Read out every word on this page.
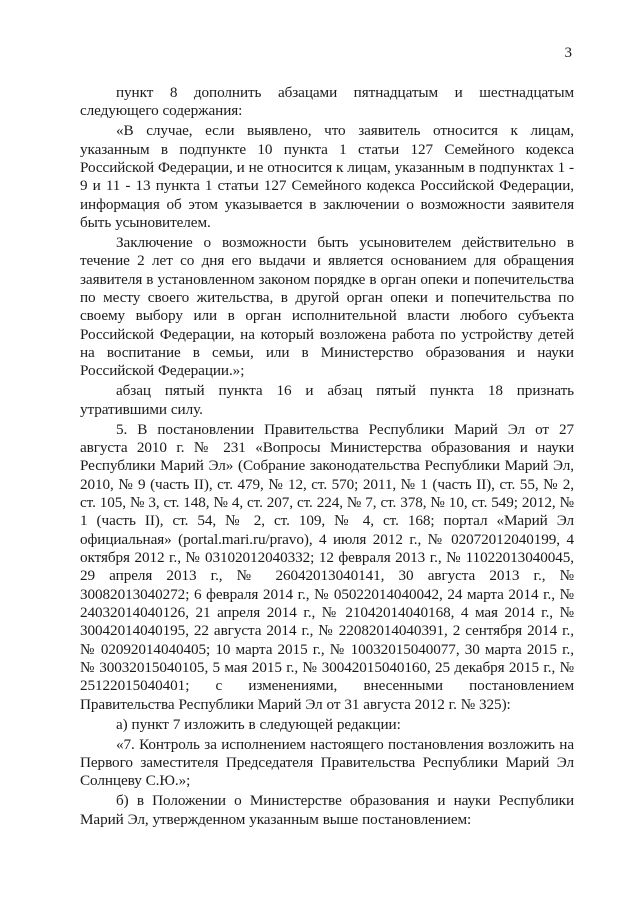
3

пункт 8 дополнить абзацами пятнадцатым и шестнадцатым следующего содержания:

«В случае, если выявлено, что заявитель относится к лицам, указанным в подпункте 10 пункта 1 статьи 127 Семейного кодекса Российской Федерации, и не относится к лицам, указанным в подпунктах 1 - 9 и 11 - 13 пункта 1 статьи 127 Семейного кодекса Российской Федерации, информация об этом указывается в заключении о возможности заявителя быть усыновителем.

Заключение о возможности быть усыновителем действительно в течение 2 лет со дня его выдачи и является основанием для обращения заявителя в установленном законом порядке в орган опеки и попечительства по месту своего жительства, в другой орган опеки и попечительства по своему выбору или в орган исполнительной власти любого субъекта Российской Федерации, на который возложена работа по устройству детей на воспитание в семьи, или в Министерство образования и науки Российской Федерации.»;

абзац пятый пункта 16 и абзац пятый пункта 18 признать утратившими силу.

5. В постановлении Правительства Республики Марий Эл от 27 августа 2010 г. № 231 «Вопросы Министерства образования и науки Республики Марий Эл» (Собрание законодательства Республики Марий Эл, 2010, № 9 (часть II), ст. 479, № 12, ст. 570; 2011, № 1 (часть II), ст. 55, № 2, ст. 105, № 3, ст. 148, № 4, ст. 207, ст. 224, № 7, ст. 378, № 10, ст. 549; 2012, № 1 (часть II), ст. 54, № 2, ст. 109, № 4, ст. 168; портал «Марий Эл официальная» (portal.mari.ru/pravo), 4 июля 2012 г., № 02072012040199, 4 октября 2012 г., № 03102012040332; 12 февраля 2013 г., № 11022013040045, 29 апреля 2013 г., № 26042013040141, 30 августа 2013 г., № 30082013040272; 6 февраля 2014 г., № 05022014040042, 24 марта 2014 г., № 24032014040126, 21 апреля 2014 г., № 21042014040168, 4 мая 2014 г., № 30042014040195, 22 августа 2014 г., № 22082014040391, 2 сентября 2014 г., № 02092014040405; 10 марта 2015 г., № 10032015040077, 30 марта 2015 г., № 30032015040105, 5 мая 2015 г., № 30042015040160, 25 декабря 2015 г., № 25122015040401; с изменениями, внесенными постановлением Правительства Республики Марий Эл от 31 августа 2012 г. № 325):

а) пункт 7 изложить в следующей редакции:

«7. Контроль за исполнением настоящего постановления возложить на Первого заместителя Председателя Правительства Республики Марий Эл Солнцеву С.Ю.»;

б) в Положении о Министерстве образования и науки Республики Марий Эл, утвержденном указанным выше постановлением:
